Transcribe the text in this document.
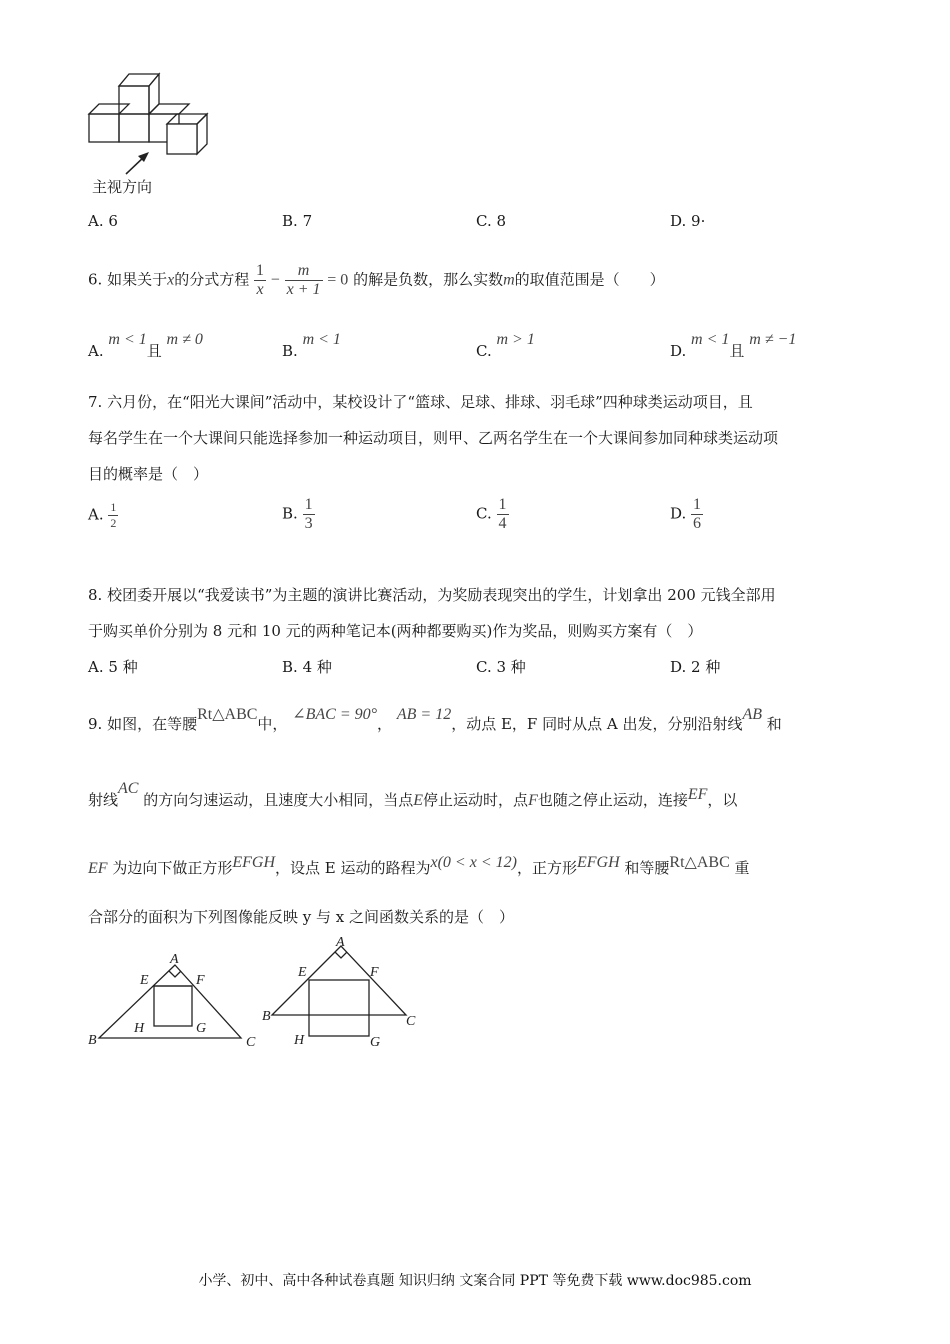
主视方向
A. 6	B. 7	C. 8	D. 9·
6. 如果关于x的分式方程 $\frac{1}{x} - \frac{m}{x + 1} = 0$ 的解是负数，那么实数m的取值范围是（　　）
A. m < 1且 m ≠ 0
B. m < 1
C. m > 1
D. m < 1且 m ≠ −1
7. 六月份，在“阳光大课间”活动中，某校设计了“篮球、足球、排球、羽毛球”四种球类运动项目，且
每名学生在一个大课间只能选择参加一种运动项目，则甲、乙两名学生在一个大课间参加同种球类运动项
目的概率是（　）
A. $\frac{1}{2}$	B. $\frac{1}{3}$	C. $\frac{1}{4}$	D. $\frac{1}{6}$
8. 校团委开展以“我爱读书”为主题的演讲比赛活动，为奖励表现突出的学生，计划拿出 200 元钱全部用
于购买单价分别为 8 元和 10 元的两种笔记本(两种都要购买)作为奖品，则购买方案有（　）
A. 5 种	B. 4 种	C. 3 种	D. 2 种
9. 如图，在等腰Rt△ABC中， ∠BAC = 90°， AB = 12，动点 E，F 同时从点 A 出发，分别沿射线AB 和
射线AC 的方向匀速运动，且速度大小相同，当点E停止运动时，点F也随之停止运动，连接EF，以
EF 为边向下做正方形EFGH，设点 E 运动的路程为x(0 < x < 12)，正方形EFGH 和等腰Rt△ABC 重
合部分的面积为下列图像能反映 y 与 x 之间函数关系的是（　）
A
E	F
B
H	G
C
A
E	F
B
H	G
C
小学、初中、高中各种试卷真题 知识归纳 文案合同 PPT 等免费下载 www.doc985.com
